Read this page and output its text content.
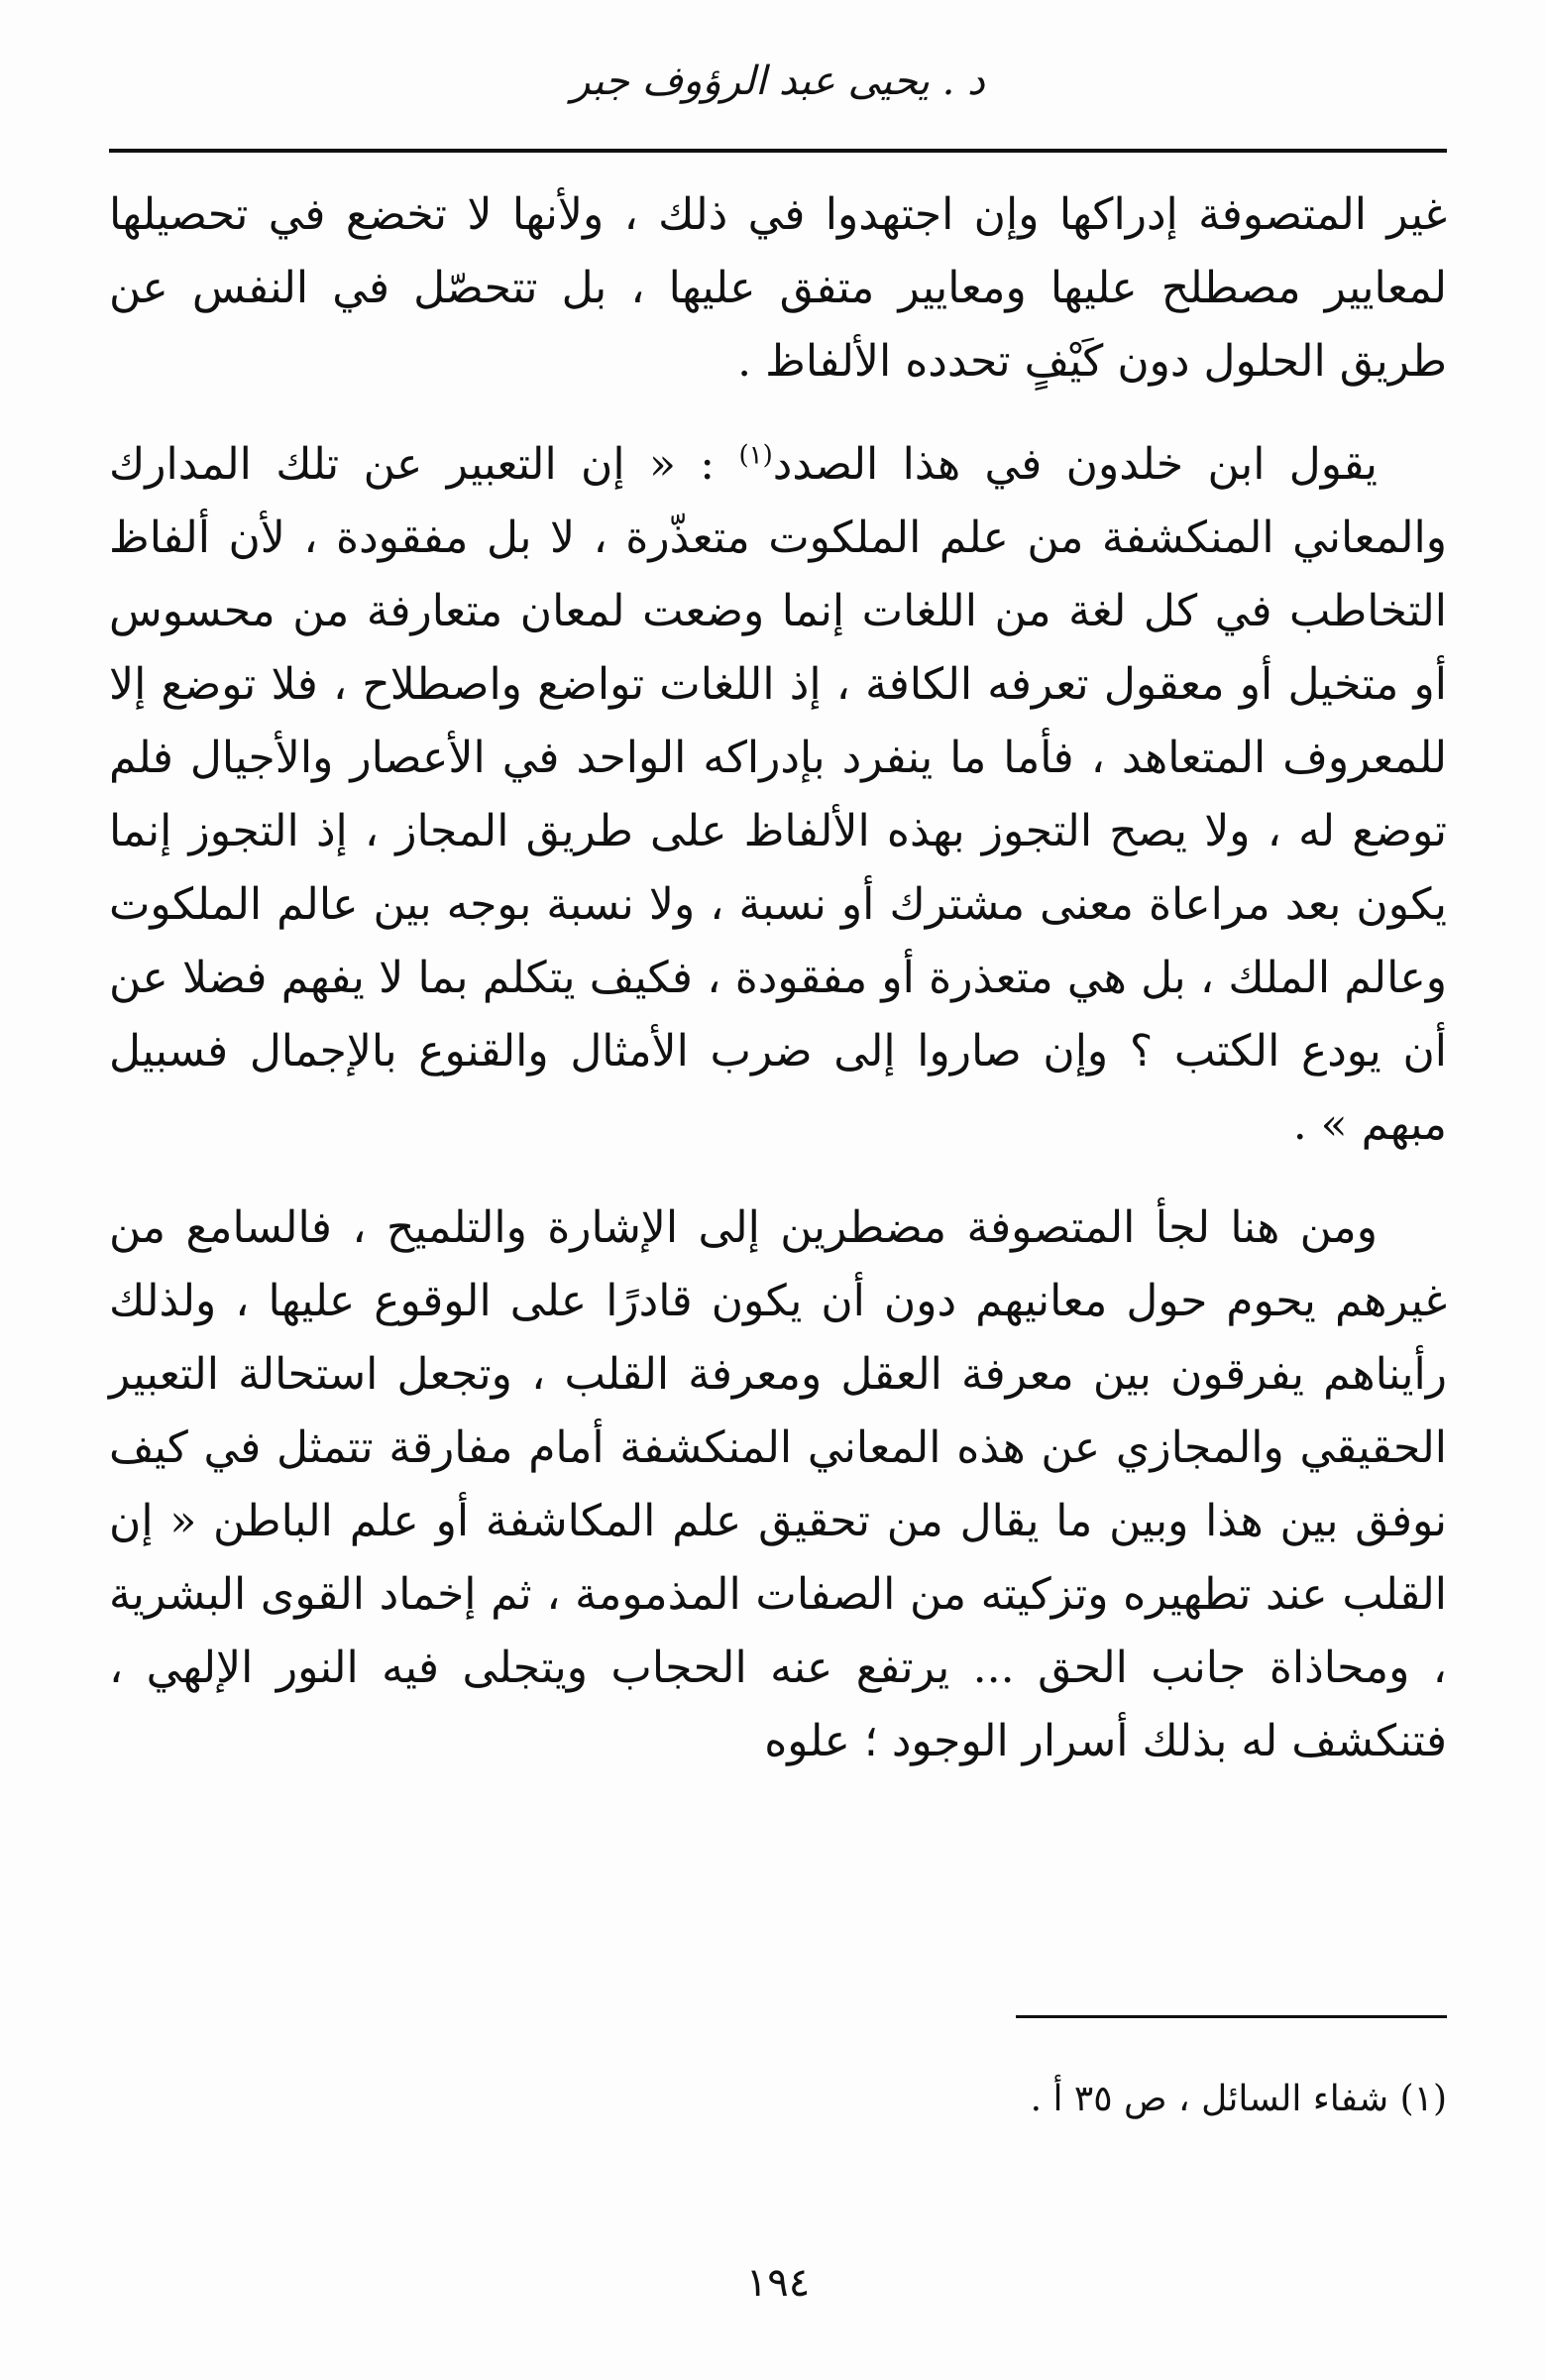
د . يحيى عبد الرؤوف جبر

غير المتصوفة إدراكها وإن اجتهدوا في ذلك ، ولأنها لا تخضع في تحصيلها لمعايير مصطلح عليها ومعايير متفق عليها ، بل تتحصّل في النفس عن طريق الحلول دون كَيْفٍ تحدده الألفاظ .

يقول ابن خلدون في هذا الصدد$^{(١)}$ : « إن التعبير عن تلك المدارك والمعاني المنكشفة من علم الملكوت متعذّرة ، لا بل مفقودة ، لأن ألفاظ التخاطب في كل لغة من اللغات إنما وضعت لمعان متعارفة من محسوس أو متخيل أو معقول تعرفه الكافة ، إذ اللغات تواضع واصطلاح ، فلا توضع إلا للمعروف المتعاهد ، فأما ما ينفرد بإدراكه الواحد في الأعصار والأجيال فلم توضع له ، ولا يصح التجوز بهذه الألفاظ على طريق المجاز ، إذ التجوز إنما يكون بعد مراعاة معنى مشترك أو نسبة ، ولا نسبة بوجه بين عالم الملكوت وعالم الملك ، بل هي متعذرة أو مفقودة ، فكيف يتكلم بما لا يفهم فضلا عن أن يودع الكتب ؟ وإن صاروا إلى ضرب الأمثال والقنوع بالإجمال فسبيل مبهم » .

ومن هنا لجأ المتصوفة مضطرين إلى الإشارة والتلميح ، فالسامع من غيرهم يحوم حول معانيهم دون أن يكون قادرًا على الوقوع عليها ، ولذلك رأيناهم يفرقون بين معرفة العقل ومعرفة القلب ، وتجعل استحالة التعبير الحقيقي والمجازي عن هذه المعاني المنكشفة أمام مفارقة تتمثل في كيف نوفق بين هذا وبين ما يقال من تحقيق علم المكاشفة أو علم الباطن « إن القلب عند تطهيره وتزكيته من الصفات المذمومة ، ثم إخماد القوى البشرية ، ومحاذاة جانب الحق ... يرتفع عنه الحجاب ويتجلى فيه النور الإلهي ، فتنكشف له بذلك أسرار الوجود ؛ علوه

(١) شفاء السائل ، ص ٣٥ أ .

١٩٤
